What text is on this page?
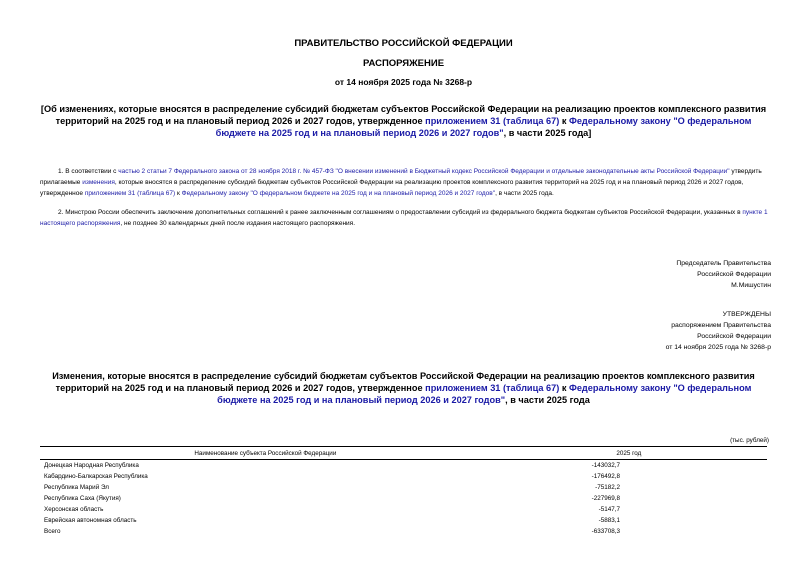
ПРАВИТЕЛЬСТВО РОССИЙСКОЙ ФЕДЕРАЦИИ
РАСПОРЯЖЕНИЕ
от 14 ноября 2025 года № 3268-р
[Об изменениях, которые вносятся в распределение субсидий бюджетам субъектов Российской Федерации на реализацию проектов комплексного развития территорий на 2025 год и на плановый период 2026 и 2027 годов, утвержденное приложением 31 (таблица 67) к Федеральному закону "О федеральном бюджете на 2025 год и на плановый период 2026 и 2027 годов", в части 2025 года]
1. В соответствии с частью 2 статьи 7 Федерального закона от 28 ноября 2018 г. № 457-ФЗ "О внесении изменений в Бюджетный кодекс Российской Федерации и отдельные законодательные акты Российской Федерации" утвердить прилагаемые изменения, которые вносятся в распределение субсидий бюджетам субъектов Российской Федерации на реализацию проектов комплексного развития территорий на 2025 год и на плановый период 2026 и 2027 годов, утвержденное приложением 31 (таблица 67) к Федеральному закону "О федеральном бюджете на 2025 год и на плановый период 2026 и 2027 годов", в части 2025 года.
2. Минстрою России обеспечить заключение дополнительных соглашений к ранее заключенным соглашениям о предоставлении субсидий из федерального бюджета бюджетам субъектов Российской Федерации, указанных в пункте 1 настоящего распоряжения, не позднее 30 календарных дней после издания настоящего распоряжения.
Председатель Правительства
Российской Федерации
М.Мишустин
УТВЕРЖДЕНЫ
распоряжением Правительства
Российской Федерации
от 14 ноября 2025 года № 3268-р
Изменения, которые вносятся в распределение субсидий бюджетам субъектов Российской Федерации на реализацию проектов комплексного развития территорий на 2025 год и на плановый период 2026 и 2027 годов, утвержденное приложением 31 (таблица 67) к Федеральному закону "О федеральном бюджете на 2025 год и на плановый период 2026 и 2027 годов", в части 2025 года
(тыс. рублей)
Наименование субъекта Российской Федерации	2025 год
Донецкая Народная Республика	-143032,7
Кабардино-Балкарская Республика	-176492,8
Республика Марий Эл	-75182,2
Республика Саха (Якутия)	-227969,8
Херсонская область	-5147,7
Еврейская автономная область	-5883,1
Всего	-633708,3
